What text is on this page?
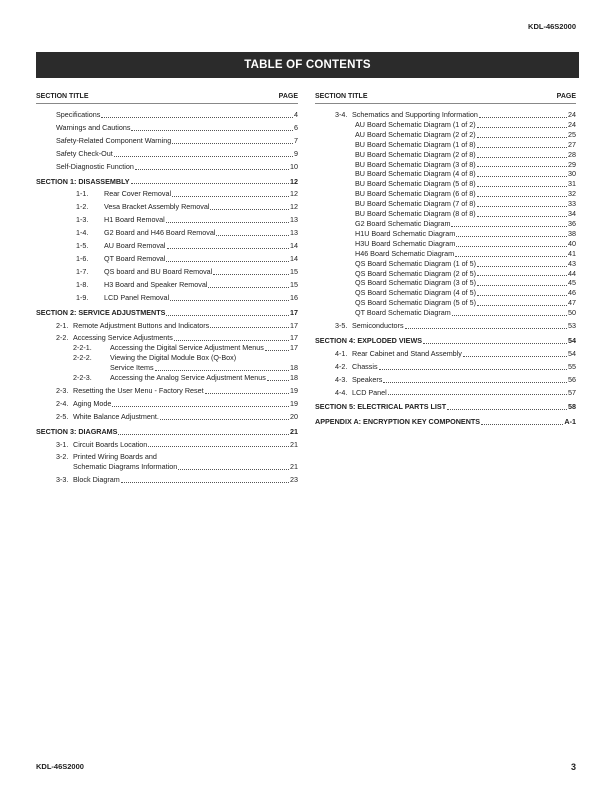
KDL-46S2000
TABLE OF CONTENTS
SECTION TITLE	PAGE
Specifications	4
Warnings and Cautions	6
Safety-Related Component Warning	7
Safety Check-Out	9
Self-Diagnostic Function	10
SECTION 1: DISASSEMBLY	12
1-1.	Rear Cover Removal	12
1-2.	Vesa Bracket Assembly Removal	12
1-3.	H1 Board Removal	13
1-4.	G2 Board and H46 Board Removal	13
1-5.	AU Board Removal	14
1-6.	QT Board Removal	14
1-7.	QS board and BU Board Removal	15
1-8.	H3 Board and Speaker Removal	15
1-9.	LCD Panel Removal	16
SECTION 2: SERVICE ADJUSTMENTS	17
2-1. Remote Adjustment Buttons and Indicators	17
2-2. Accessing Service Adjustments	17
2-2-1.	Accessing the Digital Service Adjustment Menus	17
2-2-2.	Viewing the Digital Module Box (Q-Box)
Service Items	18
2-2-3.	Accessing the Analog Service Adjustment Menus	18
2-3. Resetting the User Menu - Factory Reset	19
2-4. Aging Mode	19
2-5. White Balance Adjustment.	20
SECTION 3: DIAGRAMS	21
3-1. Circuit Boards Location	21
3-2. Printed Wiring Boards and
Schematic Diagrams Information	21
3-3. Block Diagram	23
SECTION TITLE	PAGE
3-4. Schematics and Supporting Information	24
AU Board Schematic Diagram (1 of 2)	24
AU Board Schematic Diagram (2 of 2)	25
BU Board Schematic Diagram (1 of 8)	27
BU Board Schematic Diagram (2 of 8)	28
BU Board Schematic Diagram (3 of 8)	29
BU Board Schematic Diagram (4 of 8)	30
BU Board Schematic Diagram (5 of 8)	31
BU Board Schematic Diagram (6 of 8)	32
BU Board Schematic Diagram (7 of 8)	33
BU Board Schematic Diagram (8 of 8)	34
G2 Board Schematic Diagram	36
H1U Board Schematic Diagram	38
H3U Board Schematic Diagram	40
H46 Board Schematic Diagram	41
QS Board Schematic Diagram (1 of 5)	43
QS Board Schematic Diagram (2 of 5)	44
QS Board Schematic Diagram (3 of 5)	45
QS Board Schematic Diagram (4 of 5)	46
QS Board Schematic Diagram (5 of 5)	47
QT Board Schematic Diagram	50
3-5. Semiconductors	53
SECTION 4: EXPLODED VIEWS	54
4-1. Rear Cabinet and Stand Assembly	54
4-2. Chassis	55
4-3. Speakers	56
4-4. LCD Panel	57
SECTION 5: ELECTRICAL PARTS LIST	58
APPENDIX A: ENCRYPTION KEY COMPONENTS	A-1
KDL-46S2000	3
